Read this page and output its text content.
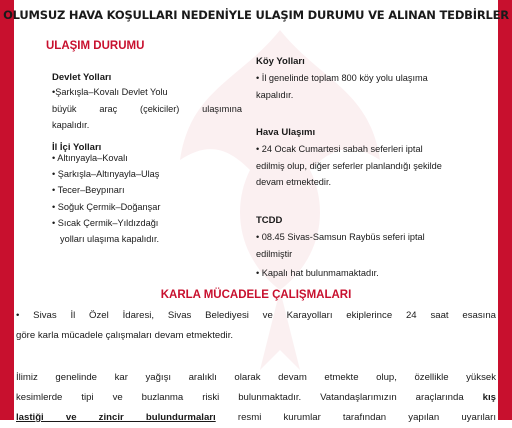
OLUMSUZ HAVA KOŞULLARI NEDENİYLE ULAŞIM DURUMU VE ALINAN TEDBİRLER
ULAŞIM DURUMU
Devlet Yolları
•Şarkışla–Kovalı Devlet Yolu
büyük araç (çekiciler) ulaşımına
kapalıdır.
İl İçi Yolları
• Altınyayla–Kovalı
• Şarkışla–Altınyayla–Ulaş
• Tecer–Beypınarı
• Soğuk Çermik–Doğanşar
• Sıcak Çermik–Yıldızdağı
yolları ulaşıma kapalıdır.
Köy Yolları
• İl genelinde toplam 800 köy yolu ulaşıma
kapalıdır.
Hava Ulaşımı
• 24 Ocak Cumartesi sabah seferleri iptal
edilmiş olup, diğer seferler planlandığı şekilde
devam etmektedir.
TCDD
• 08.45 Sivas-Samsun Raybüs seferi iptal
edilmiştir
• Kapalı hat bulunmamaktadır.
KARLA MÜCADELE ÇALIŞMALARI
• Sivas İl Özel İdaresi, Sivas Belediyesi ve Karayolları ekiplerince 24 saat esasına
göre karla mücadele çalışmaları devam etmektedir.
İlimiz genelinde kar yağışı aralıklı olarak devam etmekte olup, özellikle yüksek
kesimlerde tipi ve buzlanma riski bulunmaktadır. Vatandaşlarımızın araçlarında kış
lastiği ve zincir bulundurmaları resmi kurumlar tarafından yapılan uyarıları
